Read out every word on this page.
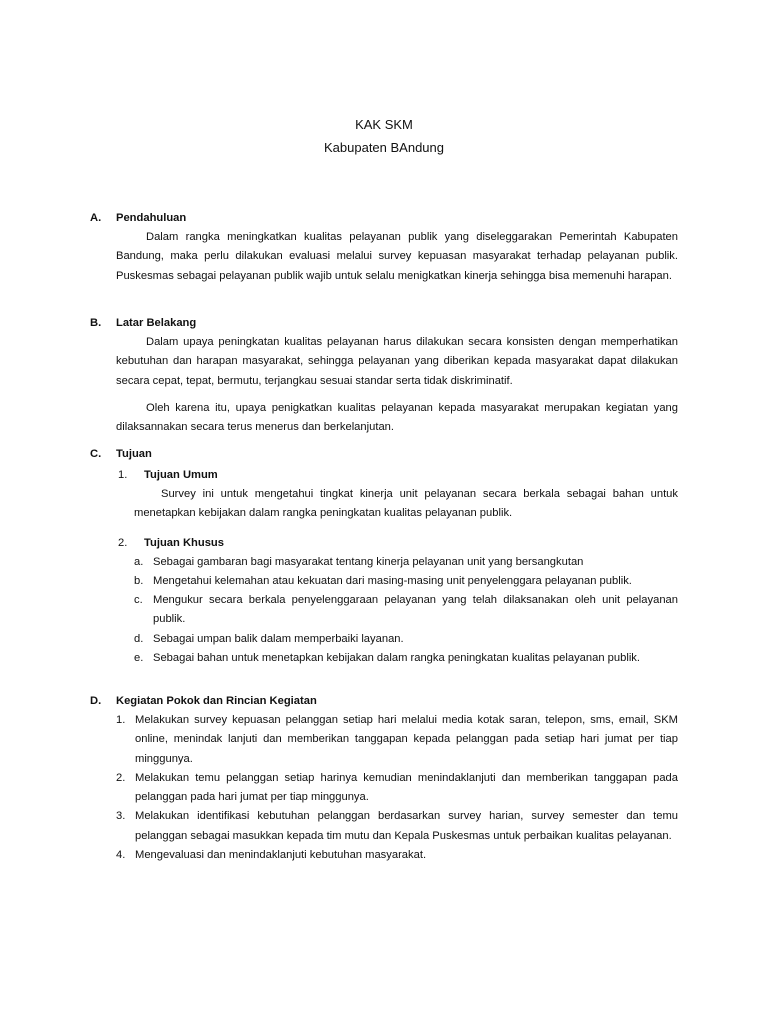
KAK SKM
Kabupaten BAndung
A. Pendahuluan
Dalam rangka meningkatkan kualitas pelayanan publik yang diseleggarakan Pemerintah Kabupaten Bandung, maka perlu dilakukan evaluasi melalui survey kepuasan masyarakat terhadap pelayanan publik. Puskesmas sebagai pelayanan publik wajib untuk selalu menigkatkan kinerja sehingga bisa memenuhi harapan.
B. Latar Belakang
Dalam upaya peningkatan kualitas pelayanan harus dilakukan secara konsisten dengan memperhatikan kebutuhan dan harapan masyarakat, sehingga pelayanan yang diberikan kepada masyarakat dapat dilakukan secara cepat, tepat, bermutu, terjangkau sesuai standar serta tidak diskriminatif.
Oleh karena itu, upaya penigkatkan kualitas pelayanan kepada masyarakat merupakan kegiatan yang dilaksannakan secara terus menerus dan berkelanjutan.
C. Tujuan
1. Tujuan Umum
Survey ini untuk mengetahui tingkat kinerja unit pelayanan secara berkala sebagai bahan untuk menetapkan kebijakan dalam rangka peningkatan kualitas pelayanan publik.
2. Tujuan Khusus
a. Sebagai gambaran bagi masyarakat tentang kinerja pelayanan unit yang bersangkutan
b. Mengetahui kelemahan atau kekuatan dari masing-masing unit penyelenggara pelayanan publik.
c. Mengukur secara berkala penyelenggaraan pelayanan yang telah dilaksanakan oleh unit pelayanan publik.
d. Sebagai umpan balik dalam memperbaiki layanan.
e. Sebagai bahan untuk menetapkan kebijakan dalam rangka peningkatan kualitas pelayanan publik.
D. Kegiatan Pokok dan Rincian Kegiatan
1. Melakukan survey kepuasan pelanggan setiap hari melalui media kotak saran, telepon, sms, email, SKM online, menindak lanjuti dan memberikan tanggapan kepada pelanggan pada setiap hari jumat per tiap minggunya.
2. Melakukan temu pelanggan setiap harinya kemudian menindaklanjuti dan memberikan tanggapan pada pelanggan pada hari jumat per tiap minggunya.
3. Melakukan identifikasi kebutuhan pelanggan berdasarkan survey harian, survey semester dan temu pelanggan sebagai masukkan kepada tim mutu dan Kepala Puskesmas untuk perbaikan kualitas pelayanan.
4. Mengevaluasi dan menindaklanjuti kebutuhan masyarakat.
